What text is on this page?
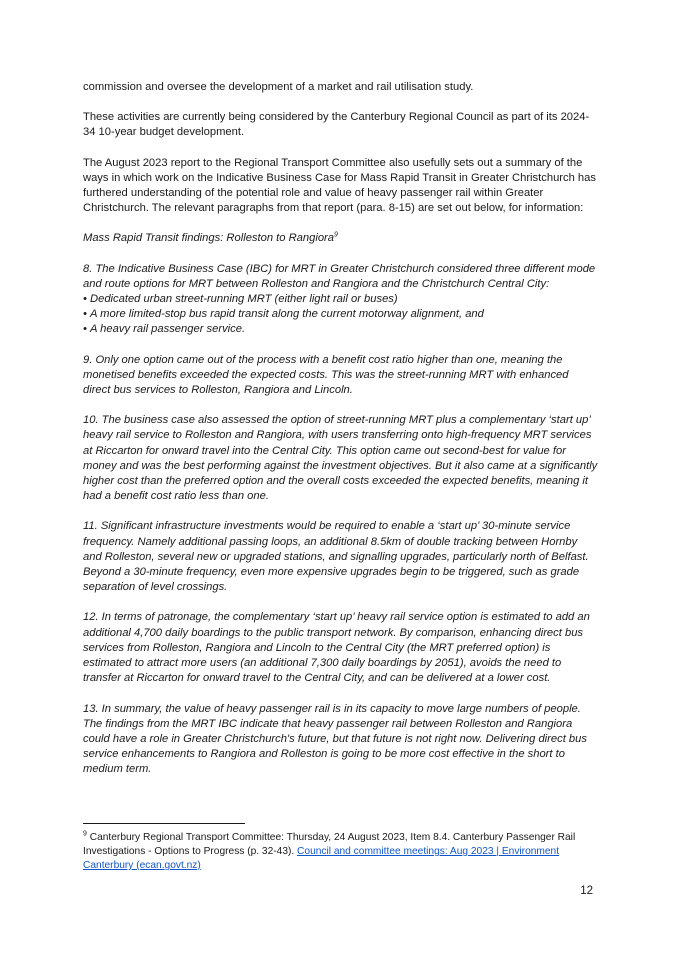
commission and oversee the development of a market and rail utilisation study.

These activities are currently being considered by the Canterbury Regional Council as part of its 2024-34 10-year budget development.

The August 2023 report to the Regional Transport Committee also usefully sets out a summary of the ways in which work on the Indicative Business Case for Mass Rapid Transit in Greater Christchurch has furthered understanding of the potential role and value of heavy passenger rail within Greater Christchurch. The relevant paragraphs from that report (para. 8-15) are set out below, for information:

Mass Rapid Transit findings: Rolleston to Rangiora$^9$

8. The Indicative Business Case (IBC) for MRT in Greater Christchurch considered three different mode and route options for MRT between Rolleston and Rangiora and the Christchurch Central City:
• Dedicated urban street-running MRT (either light rail or buses)
• A more limited-stop bus rapid transit along the current motorway alignment, and
• A heavy rail passenger service.

9. Only one option came out of the process with a benefit cost ratio higher than one, meaning the monetised benefits exceeded the expected costs. This was the street-running MRT with enhanced direct bus services to Rolleston, Rangiora and Lincoln.

10. The business case also assessed the option of street-running MRT plus a complementary ‘start up’ heavy rail service to Rolleston and Rangiora, with users transferring onto high-frequency MRT services at Riccarton for onward travel into the Central City. This option came out second-best for value for money and was the best performing against the investment objectives. But it also came at a significantly higher cost than the preferred option and the overall costs exceeded the expected benefits, meaning it had a benefit cost ratio less than one.

11. Significant infrastructure investments would be required to enable a ‘start up’ 30-minute service frequency. Namely additional passing loops, an additional 8.5km of double tracking between Hornby and Rolleston, several new or upgraded stations, and signalling upgrades, particularly north of Belfast. Beyond a 30-minute frequency, even more expensive upgrades begin to be triggered, such as grade separation of level crossings.

12. In terms of patronage, the complementary ‘start up’ heavy rail service option is estimated to add an additional 4,700 daily boardings to the public transport network. By comparison, enhancing direct bus services from Rolleston, Rangiora and Lincoln to the Central City (the MRT preferred option) is estimated to attract more users (an additional 7,300 daily boardings by 2051), avoids the need to transfer at Riccarton for onward travel to the Central City, and can be delivered at a lower cost.

13. In summary, the value of heavy passenger rail is in its capacity to move large numbers of people. The findings from the MRT IBC indicate that heavy passenger rail between Rolleston and Rangiora could have a role in Greater Christchurch's future, but that future is not right now. Delivering direct bus service enhancements to Rangiora and Rolleston is going to be more cost effective in the short to medium term.

$^9$ Canterbury Regional Transport Committee: Thursday, 24 August 2023, Item 8.4. Canterbury Passenger Rail Investigations - Options to Progress (p. 32-43). Council and committee meetings: Aug 2023 | Environment Canterbury (ecan.govt.nz)
12
